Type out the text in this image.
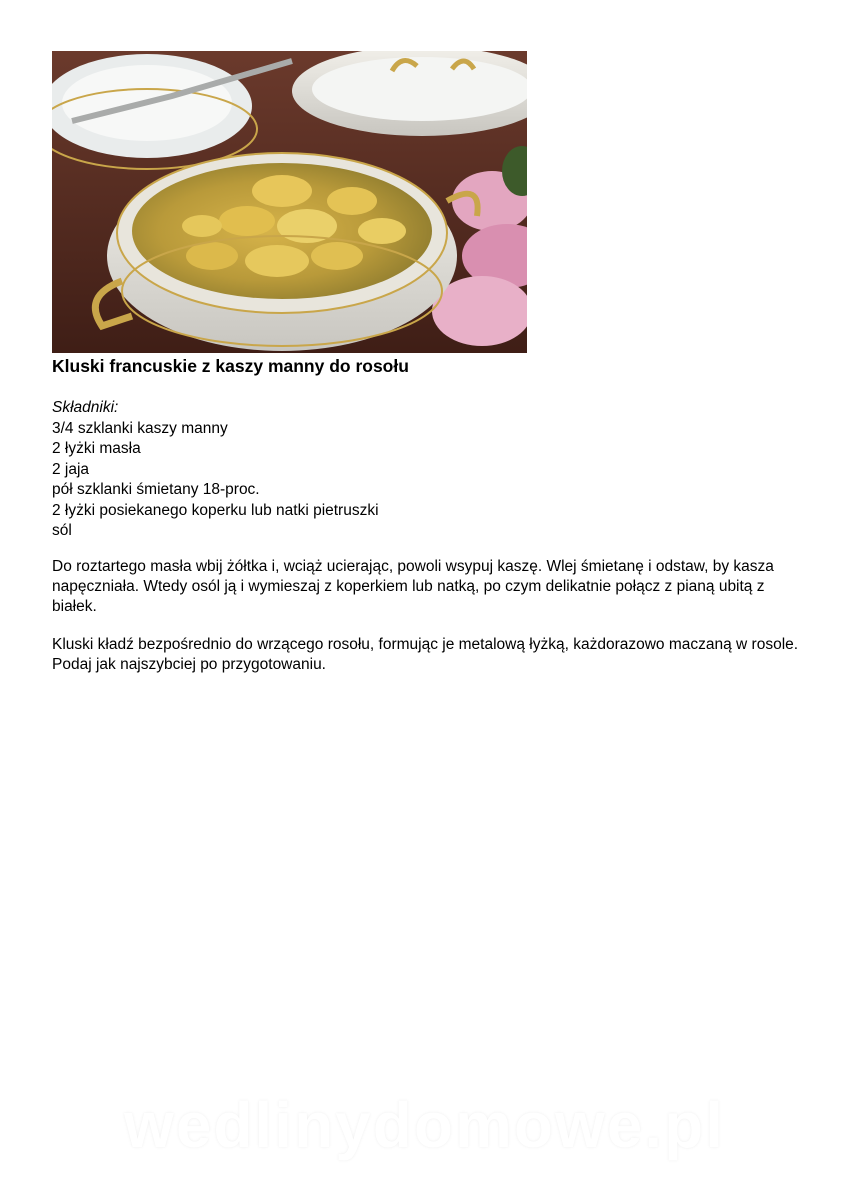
Kluski francuskie z kaszy manny do rosołu
Składniki:
3/4 szklanki kaszy manny
2 łyżki masła
2 jaja
pół szklanki śmietany 18-proc.
2 łyżki posiekanego koperku lub natki pietruszki
sól

Do roztartego masła wbij żółtka i, wciąż ucierając, powoli wsypuj kaszę. Wlej śmietanę i odstaw, by kasza napęczniała. Wtedy osól ją i wymieszaj z koperkiem lub natką, po czym delikatnie połącz z pianą ubitą z białek.

Kluski kładź bezpośrednio do wrzącego rosołu, formując je metalową łyżką, każdorazowo maczaną w rosole. Podaj jak najszybciej po przygotowaniu.

wedlinydomowe.pl
